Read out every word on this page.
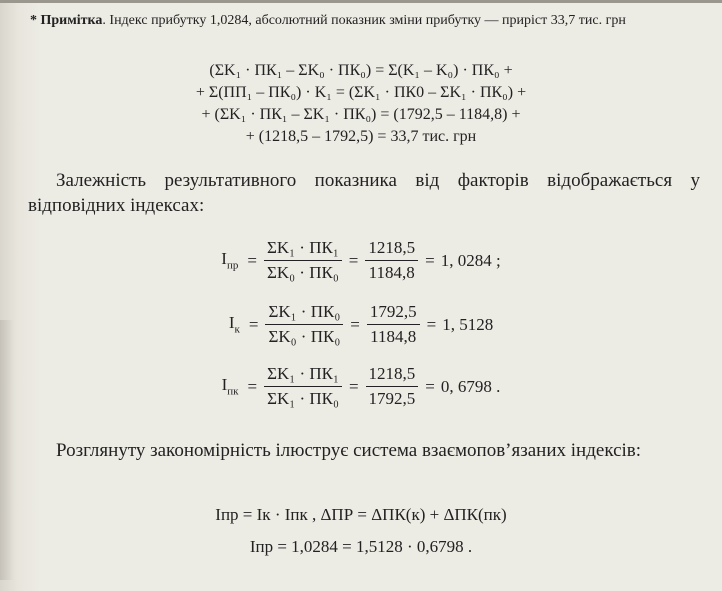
* Примітка. Індекс прибутку 1,0284, абсолютний показник зміни прибутку — приріст 33,7 тис. грн
(ΣK₁ · ПК₁ – ΣK₀ · ПК₀) = Σ(K₁ – K₀) · ПК₀ +
+ Σ(ПП₁ – ПК₀) · K₁ = (ΣK₁ · ПК0 – ΣK₁ · ПК₀) +
+ (ΣK₁ · ПК₁ – ΣK₁ · ПК₀) = (1792,5 – 1184,8) +
+ (1218,5 – 1792,5) = 33,7 тис. грн
Залежність результативного показника від факторів відображається у відповідних індексах:
$I_{пр} = \frac{\text{ΣK₁ · ПК₁}}{\text{ΣK₀ · ПК₀}} = \frac{1218,5}{1184,8} = 1$, 0284 ;
$I_к = \frac{\text{ΣK₁ · ПК₀}}{\text{ΣK₀ · ПК₀}} = \frac{1792,5}{1184,8} = 1$, 5128
$I_{пк} = \frac{\text{ΣK₁ · ПК₁}}{\text{ΣK₁ · ПК₀}} = \frac{1218,5}{1792,5} = 0$, 6798 .
Розглянуту закономірність ілюструє система взаємопов’язаних індексів:
Iпр = Iк · Iпк , ΔПР = ΔПК(к) + ΔПК(пк)
Iпр = 1,0284 = 1,5128 · 0,6798 .
